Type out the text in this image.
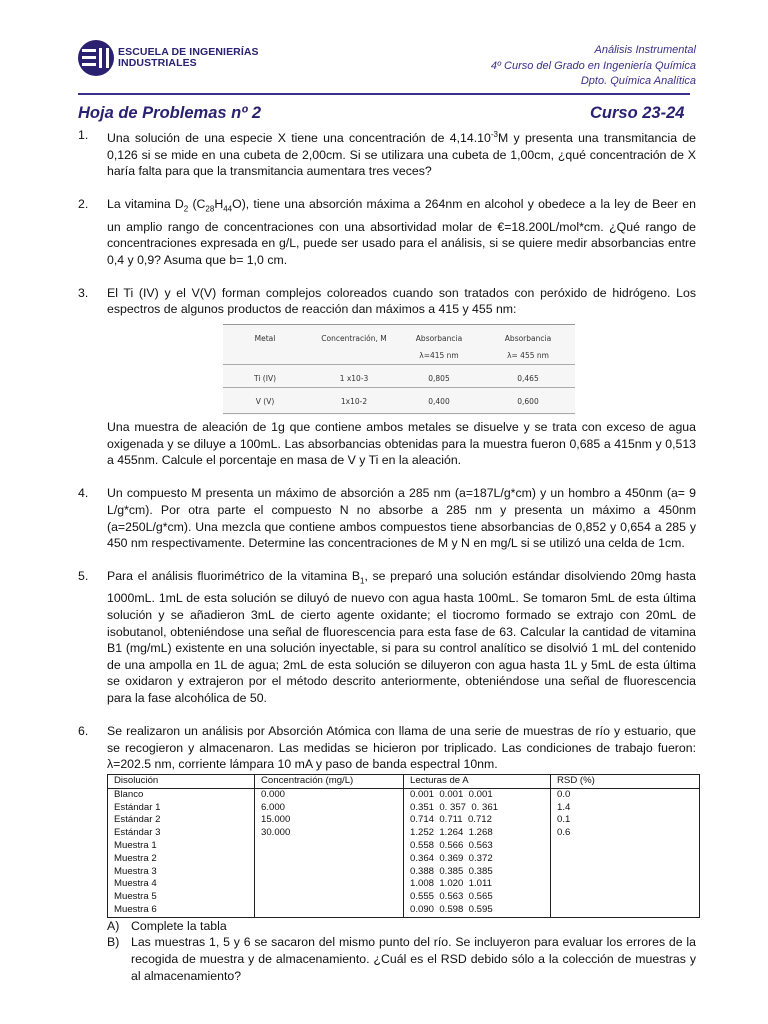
ESCUELA DE INGENIERÍAS
INDUSTRIALES
Análisis Instrumental
4º Curso del Grado en Ingeniería Química
Dpto. Química Analítica
Hoja de Problemas nº 2	Curso 23-24
1. Una solución de una especie X tiene una concentración de $4,14.10^{-3}M$ y presenta una transmitancia de 0,126 si se mide en una cubeta de 2,00cm. Si se utilizara una cubeta de 1,00cm, ¿qué concentración de X haría falta para que la transmitancia aumentara tres veces?
2. La vitamina $D_2$ $(C_{28}H_{44}O)$, tiene una absorción máxima a 264nm en alcohol y obedece a la ley de Beer en un amplio rango de concentraciones con una absortividad molar de €=18.200L/mol*cm. ¿Qué rango de concentraciones expresada en g/L, puede ser usado para el análisis, si se quiere medir absorbancias entre 0,4 y 0,9? Asuma que b= 1,0 cm.
3. El Ti (IV) y el V(V) forman complejos coloreados cuando son tratados con peróxido de hidrógeno. Los espectros de algunos productos de reacción dan máximos a 415 y 455 nm:
Metal	Concentración, M	Absorbancia	Absorbancia
λ=415 nm	λ= 455 nm
Ti (IV)	1 x10-3	0,805	0,465
V (V)	1x10-2	0,400	0,600
Una muestra de aleación de 1g que contiene ambos metales se disuelve y se trata con exceso de agua oxigenada y se diluye a 100mL. Las absorbancias obtenidas para la muestra fueron 0,685 a 415nm y 0,513 a 455nm. Calcule el porcentaje en masa de V y Ti en la aleación.
4. Un compuesto M presenta un máximo de absorción a 285 nm (a=187L/g*cm) y un hombro a 450nm (a= 9 L/g*cm). Por otra parte el compuesto N no absorbe a 285 nm y presenta un máximo a 450nm (a=250L/g*cm). Una mezcla que contiene ambos compuestos tiene absorbancias de 0,852 y 0,654 a 285 y 450 nm respectivamente. Determine las concentraciones de M y N en mg/L si se utilizó una celda de 1cm.
5. Para el análisis fluorimétrico de la vitamina $B_1$, se preparó una solución estándar disolviendo 20mg hasta 1000mL. 1mL de esta solución se diluyó de nuevo con agua hasta 100mL. Se tomaron 5mL de esta última solución y se añadieron 3mL de cierto agente oxidante; el tiocromo formado se extrajo con 20mL de isobutanol, obteniéndose una señal de fluorescencia para esta fase de 63. Calcular la cantidad de vitamina B1 (mg/mL) existente en una solución inyectable, si para su control analítico se disolvió 1 mL del contenido de una ampolla en 1L de agua; 2mL de esta solución se diluyeron con agua hasta 1L y 5mL de esta última se oxidaron y extrajeron por el método descrito anteriormente, obteniéndose una señal de fluorescencia para la fase alcohólica de 50.
6. Se realizaron un análisis por Absorción Atómica con llama de una serie de muestras de río y estuario, que se recogieron y almacenaron. Las medidas se hicieron por triplicado. Las condiciones de trabajo fueron: λ=202.5 nm, corriente lámpara 10 mA y paso de banda espectral 10nm.
Disolución	Concentración (mg/L)	Lecturas de A	RSD (%)
Blanco	0.000	0.001  0.001  0.001	0.0
Estándar 1	6.000	0.351  0. 357  0. 361	1.4
Estándar 2	15.000	0.714  0.711  0.712	0.1
Estándar 3	30.000	1.252  1.264  1.268	0.6
Muestra 1		0.558  0.566  0.563	
Muestra 2		0.364  0.369  0.372	
Muestra 3		0.388  0.385  0.385	
Muestra 4		1.008  1.020  1.011	
Muestra 5		0.555  0.563  0.565	
Muestra 6		0.090  0.598  0.595	
A) Complete la tabla
B) Las muestras 1, 5 y 6 se sacaron del mismo punto del río. Se incluyeron para evaluar los errores de la recogida de muestra y de almacenamiento. ¿Cuál es el RSD debido sólo a la colección de muestras y al almacenamiento?
